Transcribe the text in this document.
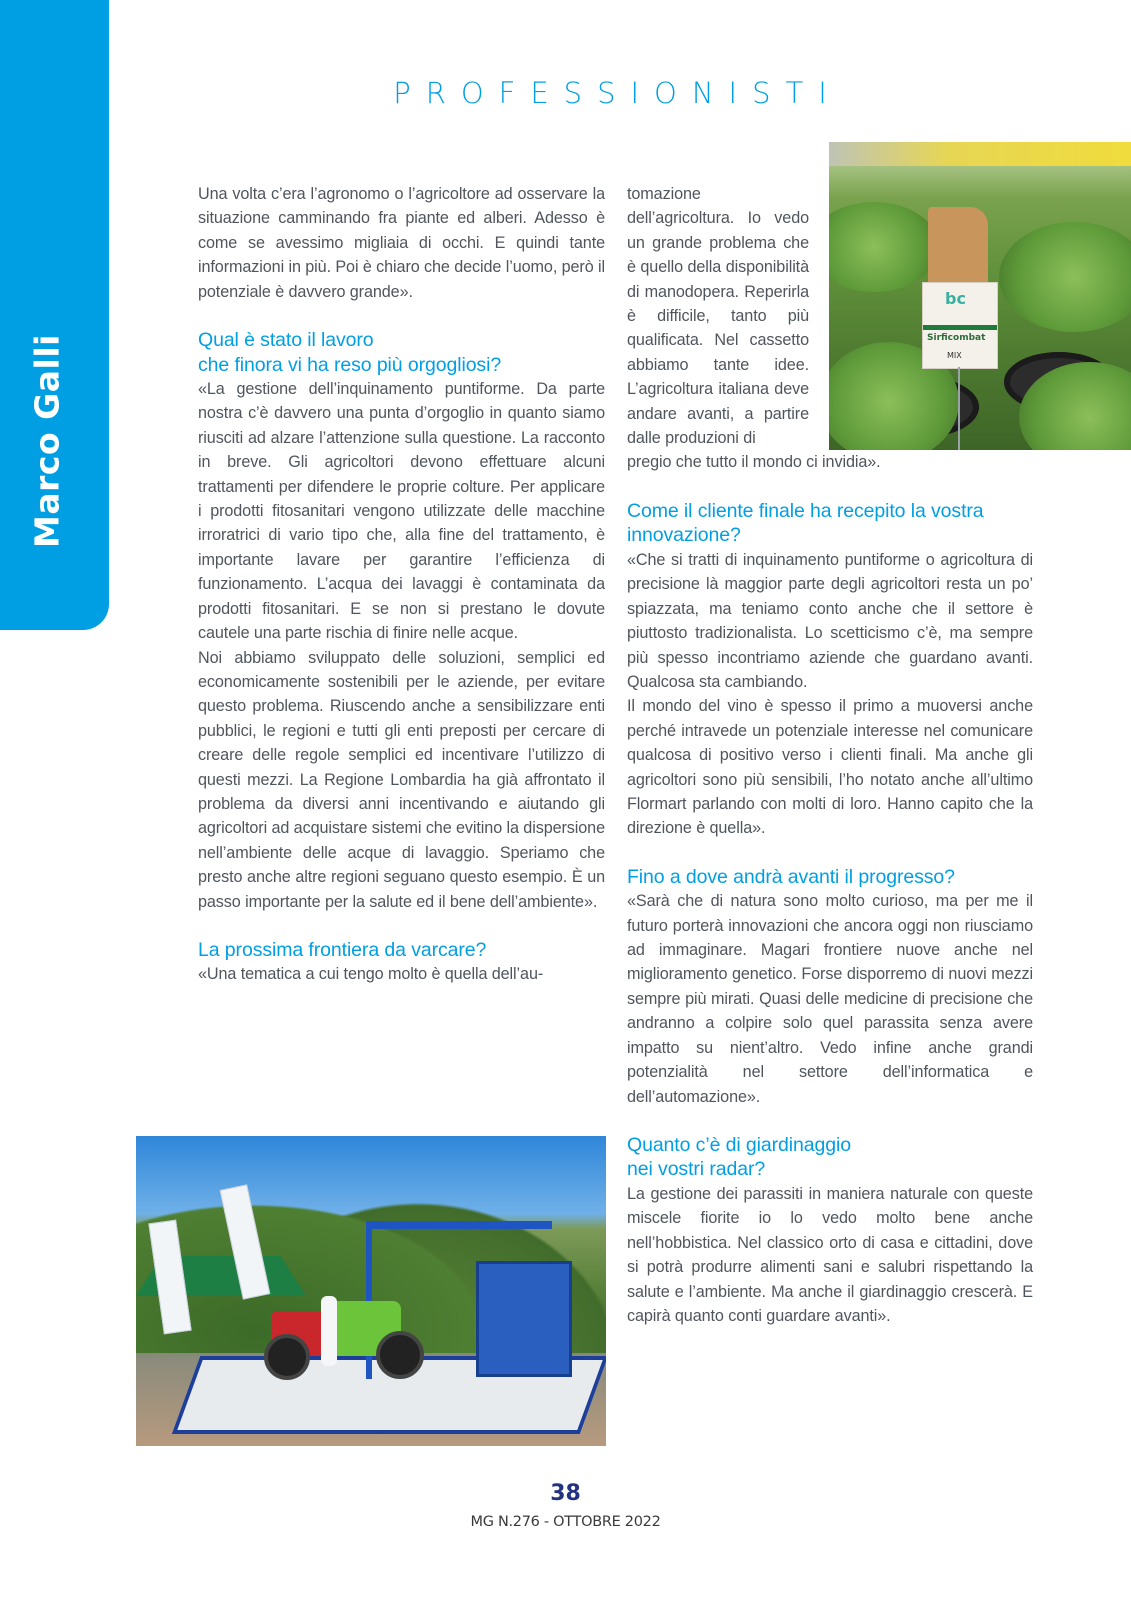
Marco Galli
PROFESSIONISTI

Una volta c’era l’agronomo o l’agricoltore ad osservare la situazione camminando fra piante ed alberi. Adesso è come se avessimo migliaia di occhi. E quindi tante informazioni in più. Poi è chiaro che decide l’uomo, però il potenziale è davvero grande».

Qual è stato il lavoro
che finora vi ha reso più orgogliosi?

«La gestione dell’inquinamento puntiforme. Da parte nostra c’è davvero una punta d’orgoglio in quanto siamo riusciti ad alzare l’attenzione sulla questione. La racconto in breve. Gli agricoltori devono effettuare alcuni trattamenti per difendere le proprie colture. Per applicare i prodotti fitosanitari vengono utilizzate delle macchine irroratrici di vario tipo che, alla fine del trattamento, è importante lavare per garantire l’efficienza di funzionamento. L’acqua dei lavaggi è contaminata da prodotti fitosanitari. E se non si prestano le dovute cautele una parte rischia di finire nelle acque.

Noi abbiamo sviluppato delle soluzioni, semplici ed economicamente sostenibili per le aziende, per evitare questo problema. Riuscendo anche a sensibilizzare enti pubblici, le regioni e tutti gli enti preposti per cercare di creare delle regole semplici ed incentivare l’utilizzo di questi mezzi. La Regione Lombardia ha già affrontato il problema da diversi anni incentivando e aiutando gli agricoltori ad acquistare sistemi che evitino la dispersione nell’ambiente delle acque di lavaggio. Speriamo che presto anche altre regioni seguano questo esempio. È un passo importante per la salute ed il bene dell’ambiente».

La prossima frontiera da varcare?

«Una tematica a cui tengo molto è quella dell’au-

tomazione dell’agricoltura. Io vedo un grande problema che è quello della disponibilità di manodopera. Reperirla è difficile, tanto più qualificata. Nel cassetto abbiamo tante idee. L’agricoltura italiana deve andare avanti, a partire dalle produzioni di

pregio che tutto il mondo ci invidia».

Come il cliente finale ha recepito la vostra innovazione?

«Che si tratti di inquinamento puntiforme o agricoltura di precisione là maggior parte degli agricoltori resta un po’ spiazzata, ma teniamo conto anche che il settore è piuttosto tradizionalista. Lo scetticismo c’è, ma sempre più spesso incontriamo aziende che guardano avanti. Qualcosa sta cambiando.

Il mondo del vino è spesso il primo a muoversi anche perché intravede un potenziale interesse nel comunicare qualcosa di positivo verso i clienti finali. Ma anche gli agricoltori sono più sensibili, l’ho notato anche all’ultimo Flormart parlando con molti di loro. Hanno capito che la direzione è quella».

Fino a dove andrà avanti il progresso?

«Sarà che di natura sono molto curioso, ma per me il futuro porterà innovazioni che ancora oggi non riusciamo ad immaginare. Magari frontiere nuove anche nel miglioramento genetico. Forse disporremo di nuovi mezzi sempre più mirati. Quasi delle medicine di precisione che andranno a colpire solo quel parassita senza avere impatto su nient’altro. Vedo infine anche grandi potenzialità nel settore dell’informatica e dell’automazione».

Quanto c’è di giardinaggio
nei vostri radar?

La gestione dei parassiti in maniera naturale con queste miscele fiorite io lo vedo molto bene anche nell’hobbistica. Nel classico orto di casa e cittadini, dove si potrà produrre alimenti sani e salubri rispettando la salute e l’ambiente. Ma anche il giardinaggio crescerà. E capirà quanto conti guardare avanti».

bc
Sirficombat
MIX
38
MG N.276 - OTTOBRE 2022
